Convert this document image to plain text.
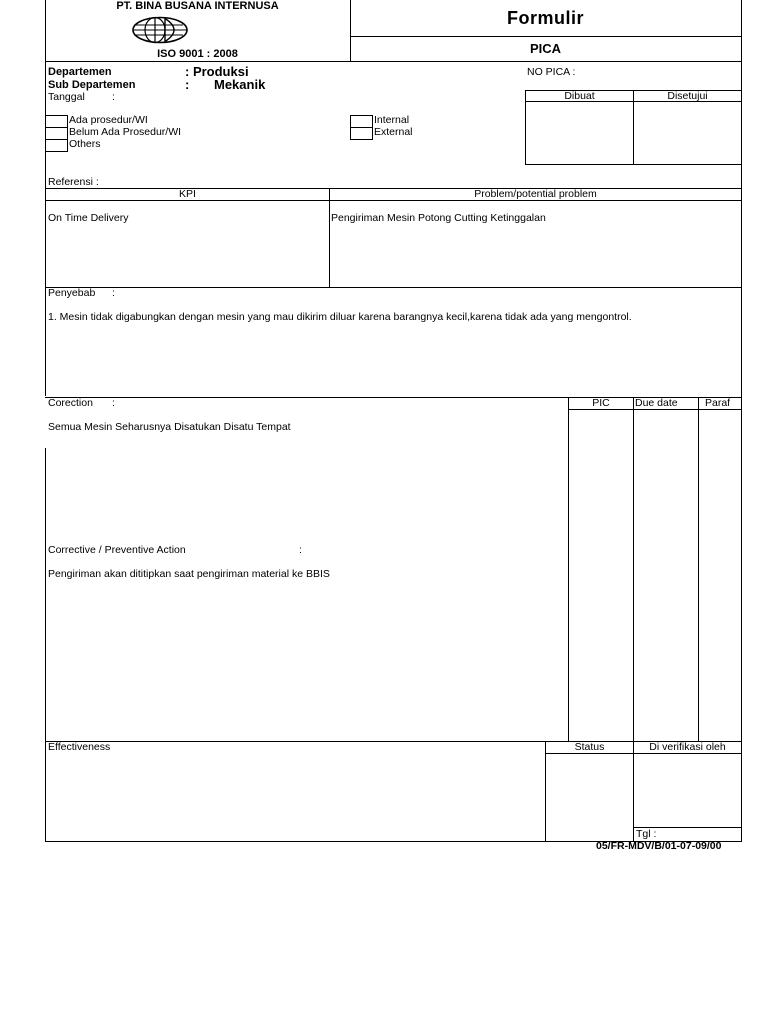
PT. BINA BUSANA INTERNUSA
ISO 9001 : 2008
Formulir
PICA
Departemen	: Produksi
Sub Departemen	: Mekanik
Tanggal	:
NO PICA :
Dibuat	Disetujui
Ada prosedur/WI
Belum Ada Prosedur/WI
Others
Internal
External
Referensi :
KPI	Problem/potential problem
On Time Delivery	Pengiriman Mesin Potong Cutting Ketinggalan
Penyebab :
1. Mesin tidak digabungkan dengan mesin yang mau dikirim diluar karena barangnya kecil,karena tidak ada yang mengontrol.
Corection :	PIC	Due date	Paraf
Semua Mesin Seharusnya Disatukan Disatu Tempat
Corrective / Preventive Action	:
Pengiriman akan dititipkan saat pengiriman material ke BBIS
Effectiveness	Status	Di verifikasi oleh
Tgl :
05/FR-MDV/B/01-07-09/00
